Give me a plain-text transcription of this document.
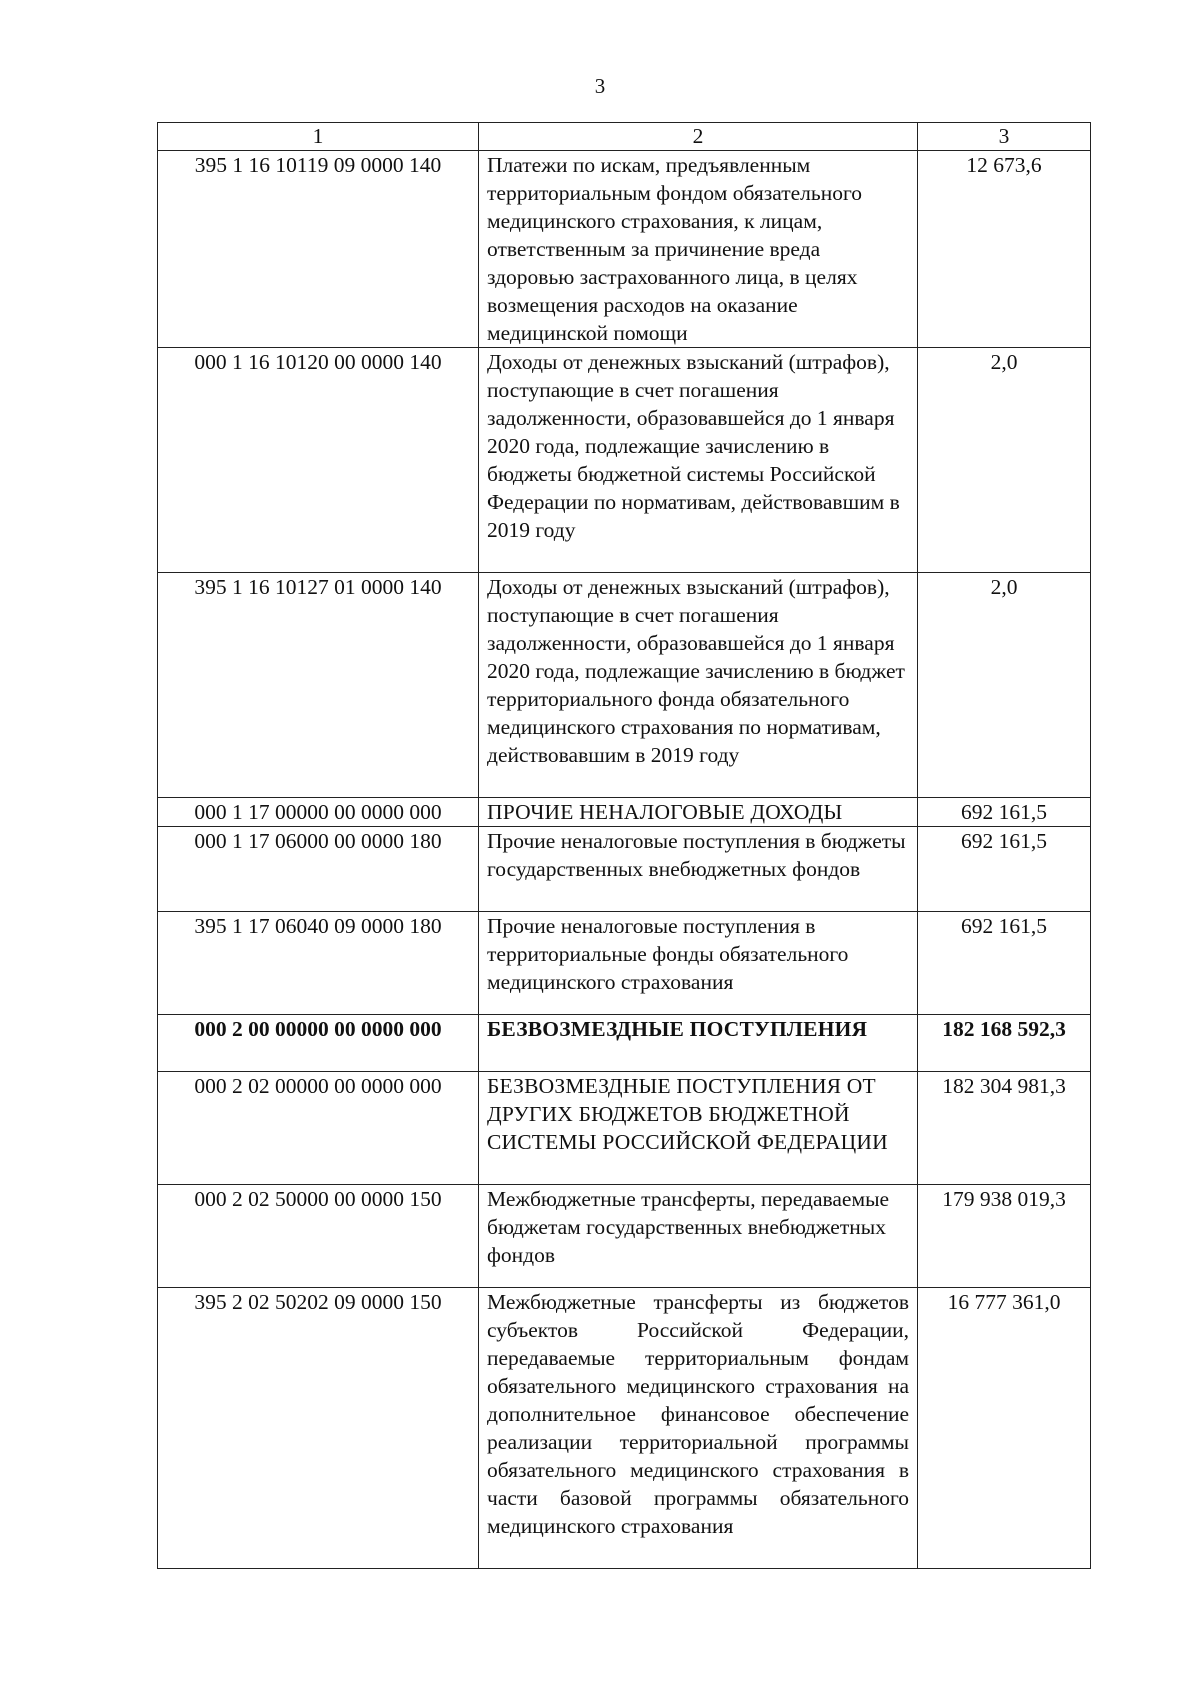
3
1	2	3
395 1 16 10119 09 0000 140	Платежи по искам, предъявленным территориальным фондом обязательного медицинского страхования, к лицам, ответственным за причинение вреда здоровью застрахованного лица, в целях возмещения расходов на оказание медицинской помощи	12 673,6
000 1 16 10120 00 0000 140	Доходы от денежных взысканий (штрафов), поступающие в счет погашения задолженности, образовавшейся до 1 января 2020 года, подлежащие зачислению в бюджеты бюджетной системы Российской Федерации по нормативам, действовавшим в 2019 году	2,0
395 1 16 10127 01 0000 140	Доходы от денежных взысканий (штрафов), поступающие в счет погашения задолженности, образовавшейся до 1 января 2020 года, подлежащие зачислению в бюджет территориального фонда обязательного медицинского страхования по нормативам, действовавшим в 2019 году	2,0
000 1 17 00000 00 0000 000	ПРОЧИЕ НЕНАЛОГОВЫЕ ДОХОДЫ	692 161,5
000 1 17 06000 00 0000 180	Прочие неналоговые поступления в бюджеты государственных внебюджетных фондов	692 161,5
395 1 17 06040 09 0000 180	Прочие неналоговые поступления в территориальные фонды обязательного медицинского страхования	692 161,5
000 2 00 00000 00 0000 000	БЕЗВОЗМЕЗДНЫЕ ПОСТУПЛЕНИЯ	182 168 592,3
000 2 02 00000 00 0000 000	БЕЗВОЗМЕЗДНЫЕ ПОСТУПЛЕНИЯ ОТ ДРУГИХ БЮДЖЕТОВ БЮДЖЕТНОЙ СИСТЕМЫ РОССИЙСКОЙ ФЕДЕРАЦИИ	182 304 981,3
000 2 02 50000 00 0000 150	Межбюджетные трансферты, передаваемые бюджетам государственных внебюджетных фондов	179 938 019,3
395 2 02 50202 09 0000 150	Межбюджетные трансферты из бюджетов субъектов Российской Федерации, передаваемые территориальным фондам обязательного медицинского страхования на дополнительное финансовое обеспечение реализации территориальной программы обязательного медицинского страхования в части базовой программы обязательного медицинского страхования	16 777 361,0
